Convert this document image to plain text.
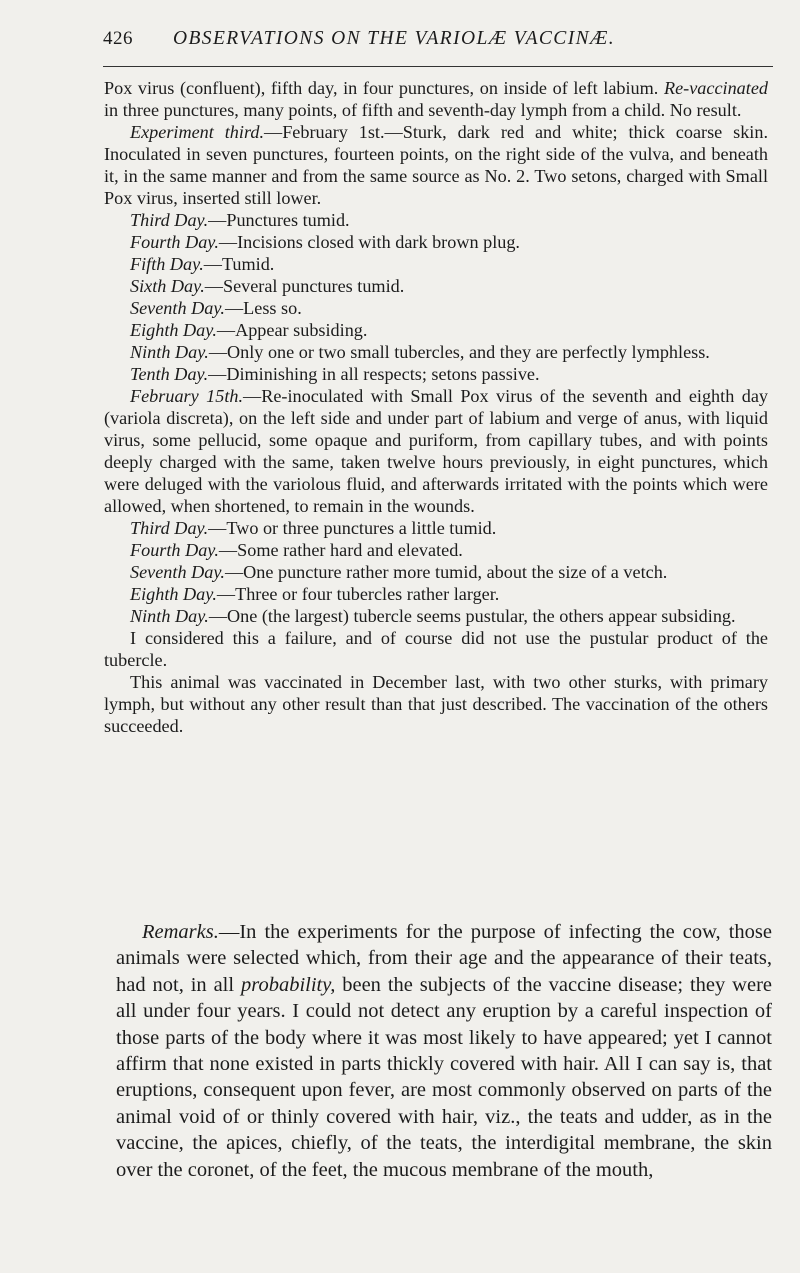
426 OBSERVATIONS ON THE VARIOLÆ VACCINÆ.

Pox virus (confluent), fifth day, in four punctures, on inside of left labium. Re-vaccinated in three punctures, many points, of fifth and seventh-day lymph from a child. No result.

Experiment third.—February 1st.—Sturk, dark red and white; thick coarse skin. Inoculated in seven punctures, fourteen points, on the right side of the vulva, and beneath it, in the same manner and from the same source as No. 2. Two setons, charged with Small Pox virus, inserted still lower.

Third Day.—Punctures tumid.

Fourth Day.—Incisions closed with dark brown plug.

Fifth Day.—Tumid.

Sixth Day.—Several punctures tumid.

Seventh Day.—Less so.

Eighth Day.—Appear subsiding.

Ninth Day.—Only one or two small tubercles, and they are perfectly lymphless.

Tenth Day.—Diminishing in all respects; setons passive.

February 15th.—Re-inoculated with Small Pox virus of the seventh and eighth day (variola discreta), on the left side and under part of labium and verge of anus, with liquid virus, some pellucid, some opaque and puriform, from capillary tubes, and with points deeply charged with the same, taken twelve hours previously, in eight punctures, which were deluged with the variolous fluid, and afterwards irritated with the points which were allowed, when shortened, to remain in the wounds.

Third Day.—Two or three punctures a little tumid.

Fourth Day.—Some rather hard and elevated.

Seventh Day.—One puncture rather more tumid, about the size of a vetch.

Eighth Day.—Three or four tubercles rather larger.

Ninth Day.—One (the largest) tubercle seems pustular, the others appear subsiding.

I considered this a failure, and of course did not use the pustular product of the tubercle.

This animal was vaccinated in December last, with two other sturks, with primary lymph, but without any other result than that just described. The vaccination of the others succeeded.

Remarks.—In the experiments for the purpose of infecting the cow, those animals were selected which, from their age and the appearance of their teats, had not, in all probability, been the subjects of the vaccine disease; they were all under four years. I could not detect any eruption by a careful inspection of those parts of the body where it was most likely to have appeared; yet I cannot affirm that none existed in parts thickly covered with hair. All I can say is, that eruptions, consequent upon fever, are most commonly observed on parts of the animal void of or thinly covered with hair, viz., the teats and udder, as in the vaccine, the apices, chiefly, of the teats, the interdigital membrane, the skin over the coronet, of the feet, the mucous membrane of the mouth,
